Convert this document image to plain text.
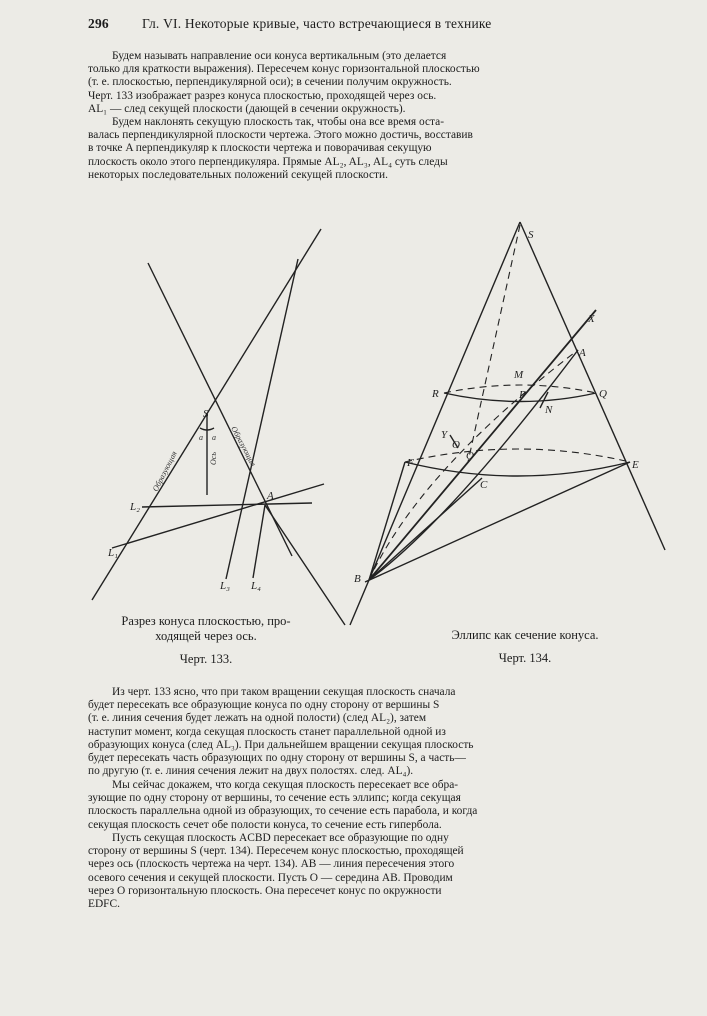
296 Гл. VI. Некоторые кривые, часто встречающиеся в технике
Будем называть направление оси конуса вертикальным (это делается
только для краткости выражения). Пересечем конус горизонтальной плоскостью
(т. е. плоскостью, перпендикулярной оси); в сечении получим окружность.
Черт. 133 изображает разрез конуса плоскостью, проходящей через ось.
AL₁ — след секущей плоскости (дающей в сечении окружность).
Будем наклонять секущую плоскость так, чтобы она все время оста-
валась перпендикулярной плоскости чертежа. Этого можно достичь, восставив
в точке A перпендикуляр к плоскости чертежа и поворачивая секущую
плоскость около этого перпендикуляра. Прямые AL₂, AL₃, AL₄ суть следы
некоторых последовательных положений секущей плоскости.
S
A
a a
L₂
L₁
L₃ L₄
Ось
Образующая
Образующая
S
X
A
M
R	Q
P
N
Y
O
O
F	E
C
B
Разрез конуса плоскостью, про-
ходящей через ось.
Черт. 133.
Эллипс как сечение конуса.
Черт. 134.
Из черт. 133 ясно, что при таком вращении секущая плоскость сначала
будет пересекать все образующие конуса по одну сторону от вершины S
(т. е. линия сечения будет лежать на одной полости) (след AL₂), затем
наступит момент, когда секущая плоскость станет параллельной одной из
образующих конуса (след AL₃). При дальнейшем вращении секущая плоскость
будет пересекать часть образующих по одну сторону от вершины S, а часть—
по другую (т. е. линия сечения лежит на двух полостях. след. AL₄).
Мы сейчас докажем, что когда секущая плоскость пересекает все обра-
зующие по одну сторону от вершины, то сечение есть эллипс; когда секущая
плоскость параллельна одной из образующих, то сечение есть парабола, и когда
секущая плоскость сечет обе полости конуса, то сечение есть гипербола.
Пусть секущая плоскость ACBD пересекает все образующие по одну
сторону от вершины S (черт. 134). Пересечем конус плоскостью, проходящей
через ось (плоскость чертежа на черт. 134). AB — линия пересечения этого
осевого сечения и секущей плоскости. Пусть O — середина AB. Проводим
через O горизонтальную плоскость. Она пересечет конус по окружности
EDFC.
